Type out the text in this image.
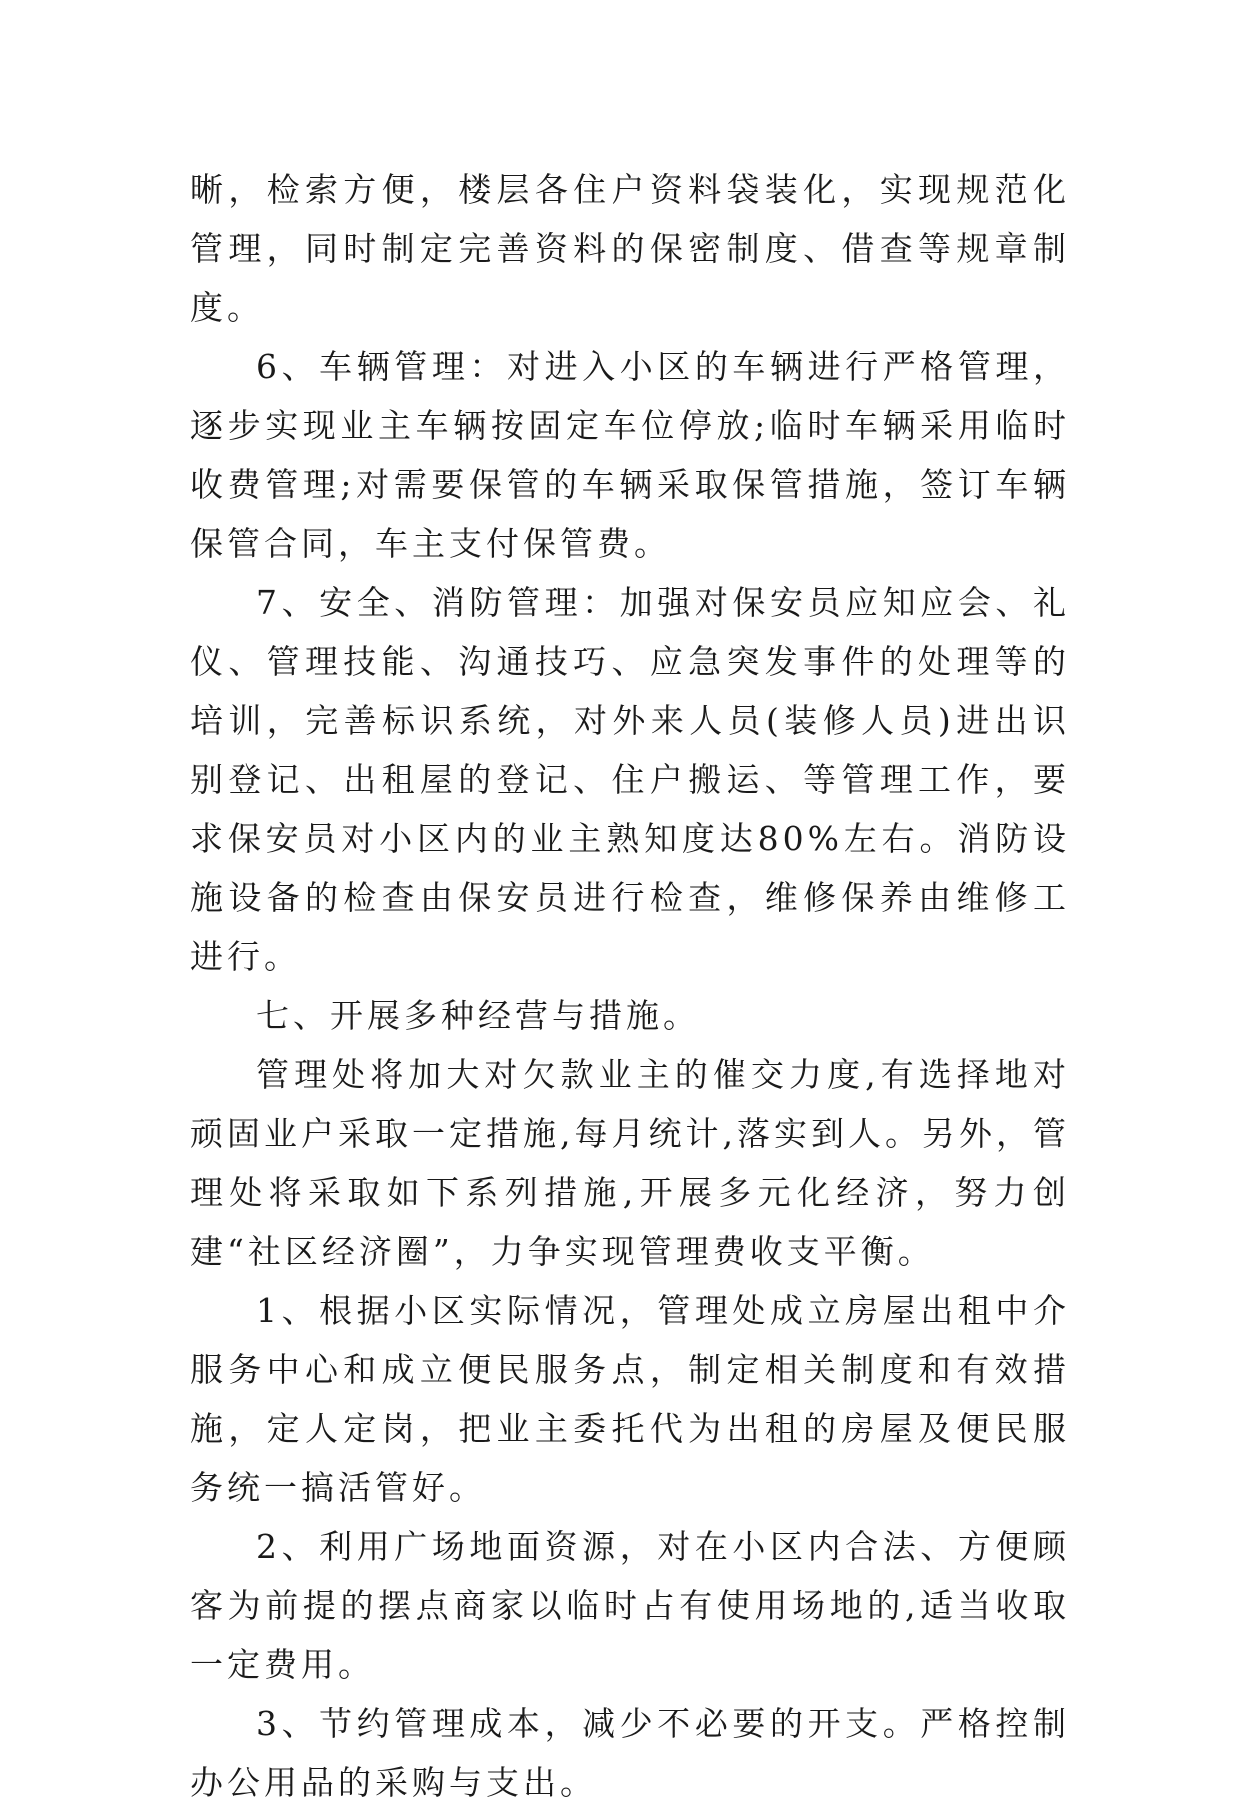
晰，检索方便，楼层各住户资料袋装化，实现规范化管理，同时制定完善资料的保密制度、借查等规章制度。

6、车辆管理：对进入小区的车辆进行严格管理，逐步实现业主车辆按固定车位停放;临时车辆采用临时收费管理;对需要保管的车辆采取保管措施，签订车辆保管合同，车主支付保管费。

7、安全、消防管理：加强对保安员应知应会、礼仪、管理技能、沟通技巧、应急突发事件的处理等的培训，完善标识系统，对外来人员(装修人员)进出识别登记、出租屋的登记、住户搬运、等管理工作，要求保安员对小区内的业主熟知度达80%左右。消防设施设备的检查由保安员进行检查，维修保养由维修工进行。

七、开展多种经营与措施。

管理处将加大对欠款业主的催交力度,有选择地对顽固业户采取一定措施,每月统计,落实到人。另外，管理处将采取如下系列措施,开展多元化经济，努力创建“社区经济圈”，力争实现管理费收支平衡。

1、根据小区实际情况，管理处成立房屋出租中介服务中心和成立便民服务点，制定相关制度和有效措施，定人定岗，把业主委托代为出租的房屋及便民服务统一搞活管好。

2、利用广场地面资源，对在小区内合法、方便顾客为前提的摆点商家以临时占有使用场地的,适当收取一定费用。

3、节约管理成本，减少不必要的开支。严格控制办公用品的采购与支出。
